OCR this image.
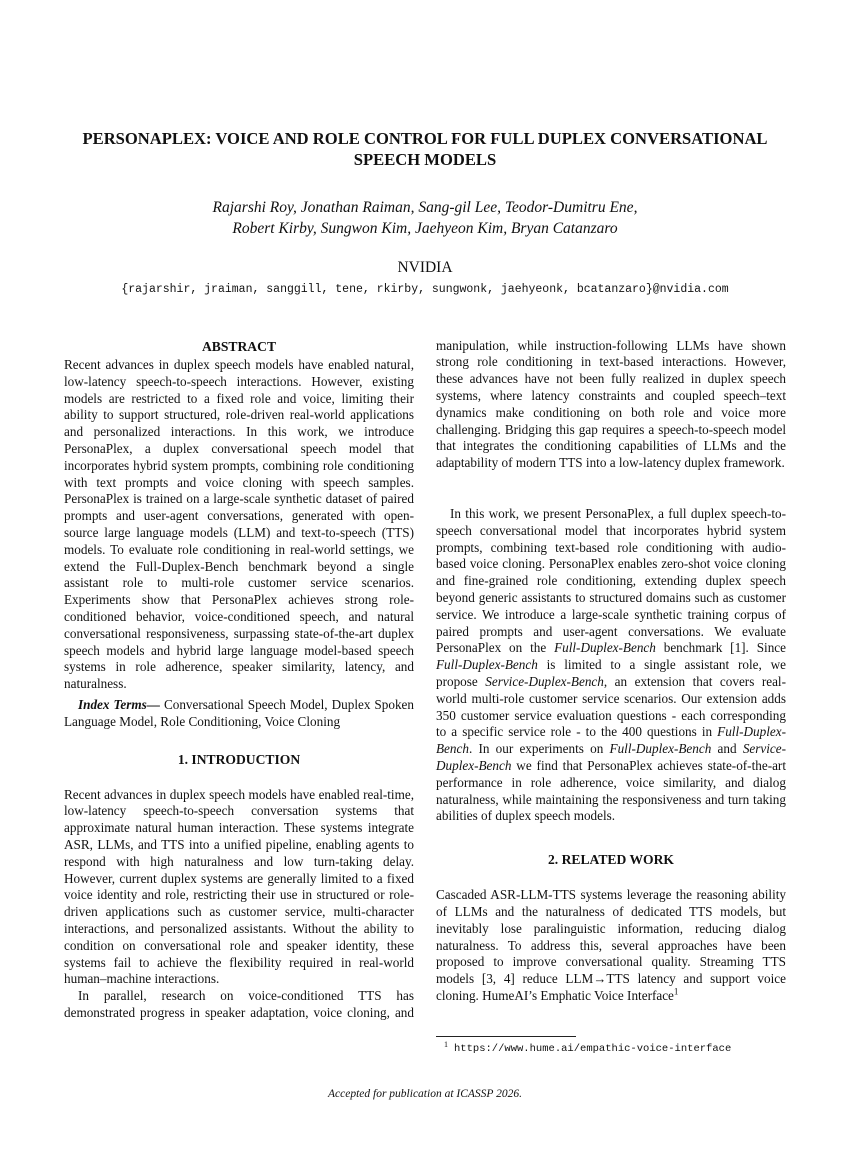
PERSONAPLEX: VOICE AND ROLE CONTROL FOR FULL DUPLEX CONVERSATIONAL SPEECH MODELS
Rajarshi Roy, Jonathan Raiman, Sang-gil Lee, Teodor-Dumitru Ene,
Robert Kirby, Sungwon Kim, Jaehyeon Kim, Bryan Catanzaro
NVIDIA
{rajarshir, jraiman, sanggill, tene, rkirby, sungwonk, jaehyeonk, bcatanzaro}@nvidia.com
ABSTRACT

Recent advances in duplex speech models have enabled natural, low-latency speech-to-speech interactions. However, existing models are restricted to a fixed role and voice, limiting their ability to support structured, role-driven real-world applications and personalized interactions. In this work, we introduce PersonaPlex, a duplex conversational speech model that incorporates hybrid system prompts, combining role conditioning with text prompts and voice cloning with speech samples. PersonaPlex is trained on a large-scale synthetic dataset of paired prompts and user-agent conversations, generated with open-source large language models (LLM) and text-to-speech (TTS) models. To evaluate role conditioning in real-world settings, we extend the Full-Duplex-Bench benchmark beyond a single assistant role to multi-role customer service scenarios. Experiments show that PersonaPlex achieves strong role-conditioned behavior, voice-conditioned speech, and natural conversational responsiveness, surpassing state-of-the-art duplex speech models and hybrid large language model-based speech systems in role adherence, speaker similarity, latency, and naturalness.

Index Terms— Conversational Speech Model, Duplex Spoken Language Model, Role Conditioning, Voice Cloning

1. INTRODUCTION

Recent advances in duplex speech models have enabled real-time, low-latency speech-to-speech conversation systems that approximate natural human interaction. These systems integrate ASR, LLMs, and TTS into a unified pipeline, enabling agents to respond with high naturalness and low turn-taking delay. However, current duplex systems are generally limited to a fixed voice identity and role, restricting their use in structured or role-driven applications such as customer service, multi-character interactions, and personalized assistants. Without the ability to condition on conversational role and speaker identity, these systems fail to achieve the flexibility required in real-world human–machine interactions.

In parallel, research on voice-conditioned TTS has demonstrated progress in speaker adaptation, voice cloning, and

manipulation, while instruction-following LLMs have shown strong role conditioning in text-based interactions. However, these advances have not been fully realized in duplex speech systems, where latency constraints and coupled speech–text dynamics make conditioning on both role and voice more challenging. Bridging this gap requires a speech-to-speech model that integrates the conditioning capabilities of LLMs and the adaptability of modern TTS into a low-latency duplex framework.

In this work, we present PersonaPlex, a full duplex speech-to-speech conversational model that incorporates hybrid system prompts, combining text-based role conditioning with audio-based voice cloning. PersonaPlex enables zero-shot voice cloning and fine-grained role conditioning, extending duplex speech beyond generic assistants to structured domains such as customer service. We introduce a large-scale synthetic training corpus of paired prompts and user-agent conversations. We evaluate PersonaPlex on the Full-Duplex-Bench benchmark [1]. Since Full-Duplex-Bench is limited to a single assistant role, we propose Service-Duplex-Bench, an extension that covers real-world multi-role customer service scenarios. Our extension adds 350 customer service evaluation questions - each corresponding to a specific service role - to the 400 questions in Full-Duplex-Bench. In our experiments on Full-Duplex-Bench and Service-Duplex-Bench we find that PersonaPlex achieves state-of-the-art performance in role adherence, voice similarity, and dialog naturalness, while maintaining the responsiveness and turn taking abilities of duplex speech models.

2. RELATED WORK

Cascaded ASR-LLM-TTS systems leverage the reasoning ability of LLMs and the naturalness of dedicated TTS models, but inevitably lose paralinguistic information, reducing dialog naturalness. To address this, several approaches have been proposed to improve conversational quality. Streaming TTS models [3, 4] reduce LLM→TTS latency and support voice cloning. HumeAI’s Emphatic Voice Interface$^1$

$^1$ https://www.hume.ai/empathic-voice-interface
Accepted for publication at ICASSP 2026.
